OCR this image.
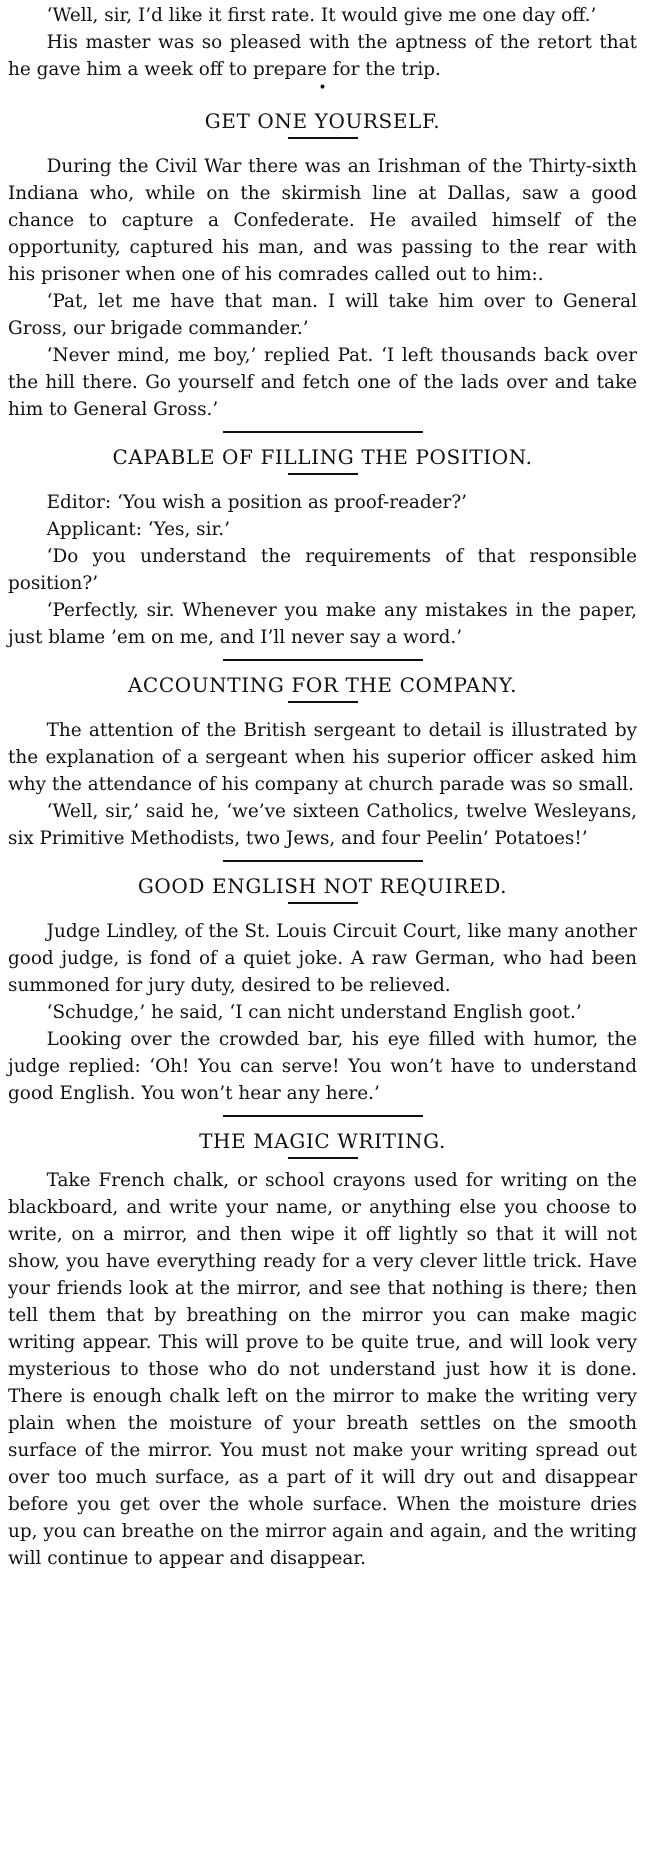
‘Well, sir, I’d like it first rate. It would give me one day off.’

His master was so pleased with the aptness of the retort that he gave him a week off to prepare for the trip.

•
GET ONE YOURSELF.

During the Civil War there was an Irishman of the Thirty-sixth Indiana who, while on the skirmish line at Dallas, saw a good chance to capture a Confederate. He availed himself of the opportunity, captured his man, and was passing to the rear with his prisoner when one of his comrades called out to him:.

‘Pat, let me have that man. I will take him over to General Gross, our brigade commander.’

‘Never mind, me boy,’ replied Pat. ‘I left thousands back over the hill there. Go yourself and fetch one of the lads over and take him to General Gross.’

CAPABLE OF FILLING THE POSITION.

Editor: ‘You wish a position as proof-reader?’

Applicant: ‘Yes, sir.’

‘Do you understand the requirements of that responsible position?’

‘Perfectly, sir. Whenever you make any mistakes in the paper, just blame ’em on me, and I’ll never say a word.’

ACCOUNTING FOR THE COMPANY.

The attention of the British sergeant to detail is illustrated by the explanation of a sergeant when his superior officer asked him why the attendance of his company at church parade was so small.

‘Well, sir,’ said he, ‘we’ve sixteen Catholics, twelve Wesleyans, six Primitive Methodists, two Jews, and four Peelin’ Potatoes!’

GOOD ENGLISH NOT REQUIRED.

Judge Lindley, of the St. Louis Circuit Court, like many another good judge, is fond of a quiet joke. A raw German, who had been summoned for jury duty, desired to be relieved.

‘Schudge,’ he said, ‘I can nicht understand English goot.’

Looking over the crowded bar, his eye filled with humor, the judge replied: ‘Oh! You can serve! You won’t have to understand good English. You won’t hear any here.’

THE MAGIC WRITING.

Take French chalk, or school crayons used for writing on the blackboard, and write your name, or anything else you choose to write, on a mirror, and then wipe it off lightly so that it will not show, you have everything ready for a very clever little trick. Have your friends look at the mirror, and see that nothing is there; then tell them that by breathing on the mirror you can make magic writing appear. This will prove to be quite true, and will look very mysterious to those who do not understand just how it is done. There is enough chalk left on the mirror to make the writing very plain when the moisture of your breath settles on the smooth surface of the mirror. You must not make your writing spread out over too much surface, as a part of it will dry out and disappear before you get over the whole surface. When the moisture dries up, you can breathe on the mirror again and again, and the writing will continue to appear and disappear.
